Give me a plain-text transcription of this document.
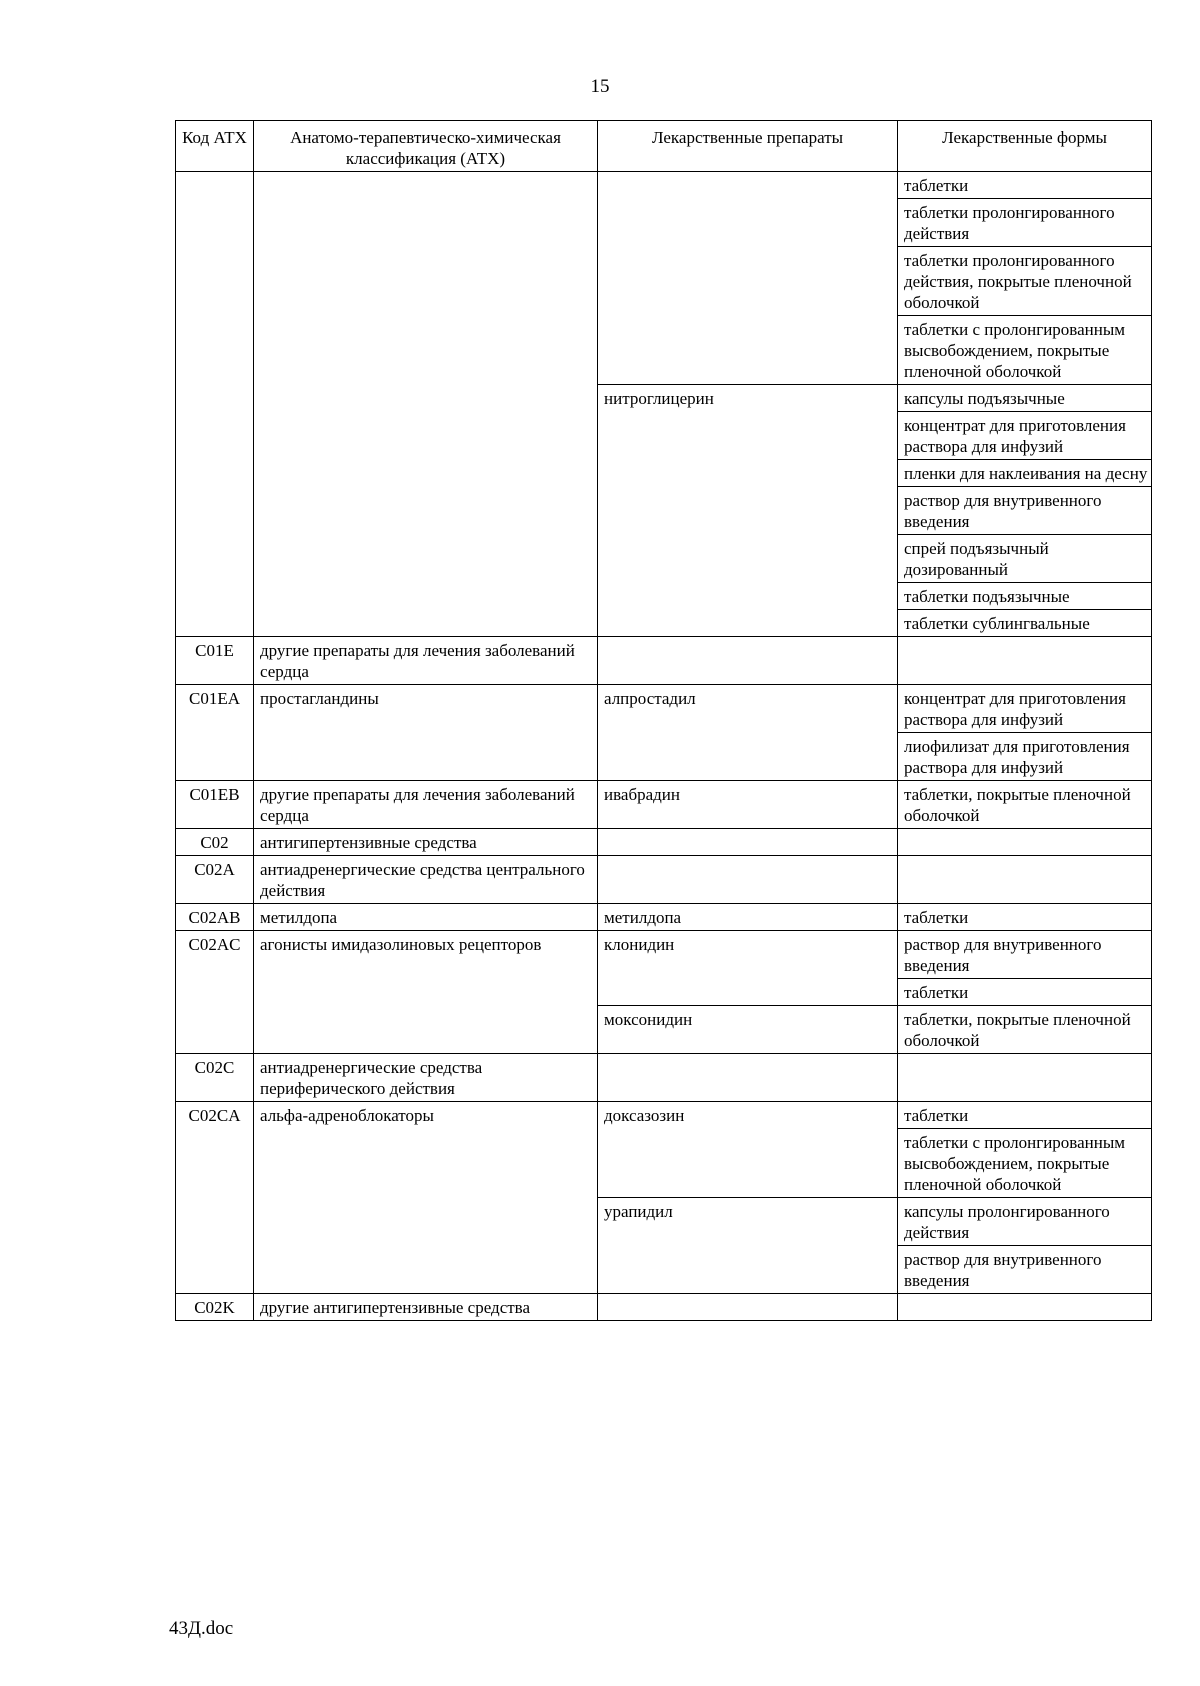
15
Код АТХ	Анатомо-терапевтическо-химическая классификация (АТХ)	Лекарственные препараты	Лекарственные формы
			таблетки
			таблетки пролонгированного действия
			таблетки пролонгированного действия, покрытые пленочной оболочкой
			таблетки с пролонгированным высвобождением, покрытые пленочной оболочкой
		нитроглицерин	капсулы подъязычные
			концентрат для приготовления раствора для инфузий
			пленки для наклеивания на десну
			раствор для внутривенного введения
			спрей подъязычный дозированный
			таблетки подъязычные
			таблетки сублингвальные
C01E	другие препараты для лечения заболеваний сердца		
C01EA	простагландины	алпростадил	концентрат для приготовления раствора для инфузий
			лиофилизат для приготовления раствора для инфузий
C01EB	другие препараты для лечения заболеваний сердца	ивабрадин	таблетки, покрытые пленочной оболочкой
C02	антигипертензивные средства		
C02A	антиадренергические средства центрального действия		
C02AB	метилдопа	метилдопа	таблетки
C02AC	агонисты имидазолиновых рецепторов	клонидин	раствор для внутривенного введения
			таблетки
		моксонидин	таблетки, покрытые пленочной оболочкой
C02C	антиадренергические средства периферического действия		
C02CA	альфа-адреноблокаторы	доксазозин	таблетки
			таблетки с пролонгированным высвобождением, покрытые пленочной оболочкой
		урапидил	капсулы пролонгированного действия
			раствор для внутривенного введения
C02K	другие антигипертензивные средства		
43Д.doc
